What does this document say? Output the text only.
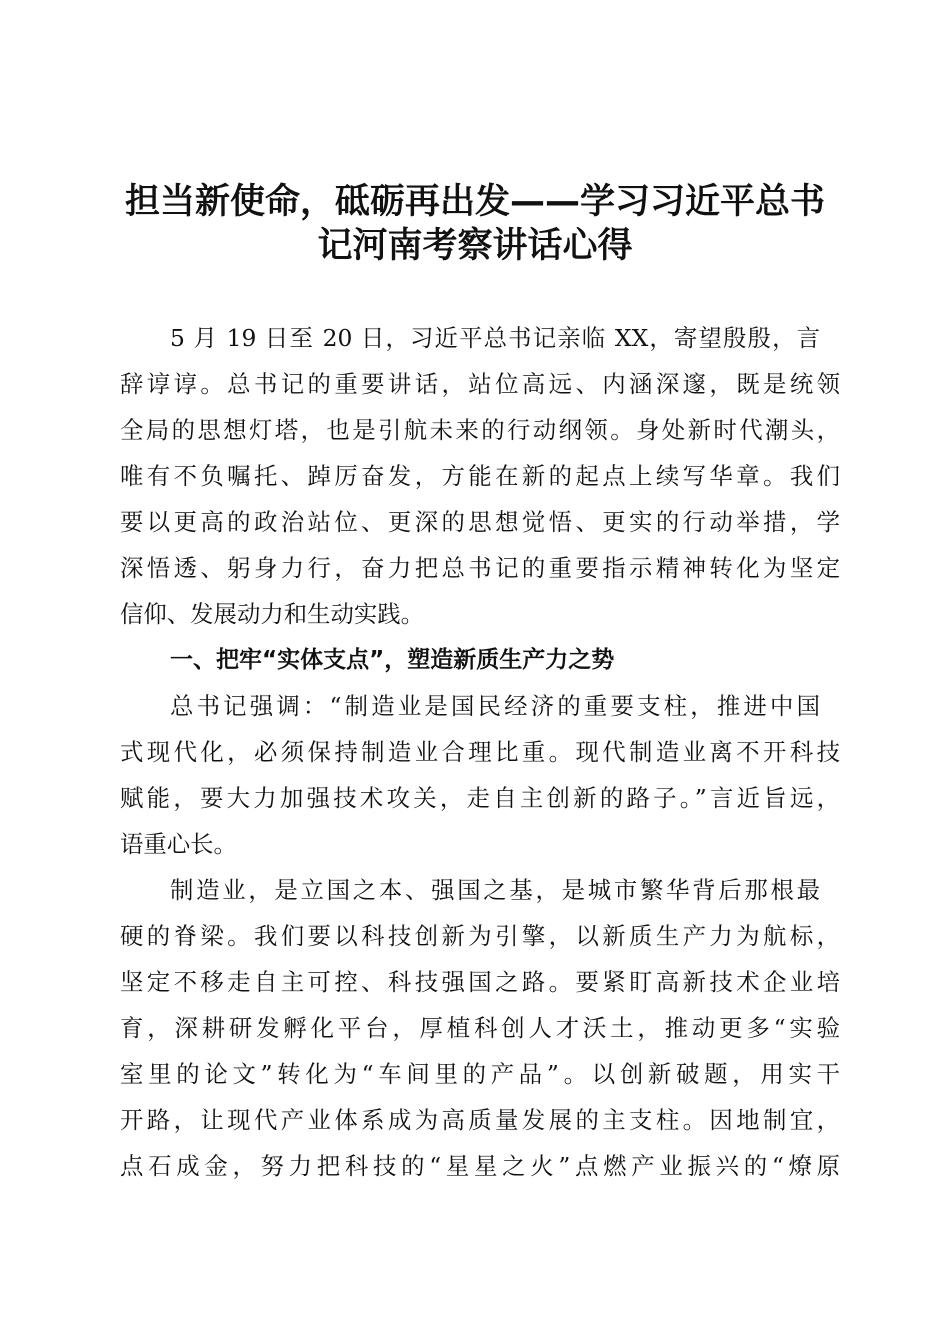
担当新使命，砥砺再出发——学习习近平总书
记河南考察讲话心得
5 月 19 日至 20 日，习近平总书记亲临 XX，寄望殷殷，言
辞谆谆。总书记的重要讲话，站位高远、内涵深邃，既是统领
全局的思想灯塔，也是引航未来的行动纲领。身处新时代潮头，
唯有不负嘱托、踔厉奋发，方能在新的起点上续写华章。我们
要以更高的政治站位、更深的思想觉悟、更实的行动举措，学
深悟透、躬身力行，奋力把总书记的重要指示精神转化为坚定
信仰、发展动力和生动实践。
一、把牢“实体支点”，塑造新质生产力之势
总书记强调：“制造业是国民经济的重要支柱，推进中国
式现代化，必须保持制造业合理比重。现代制造业离不开科技
赋能，要大力加强技术攻关，走自主创新的路子。”言近旨远，
语重心长。
制造业，是立国之本、强国之基，是城市繁华背后那根最
硬的脊梁。我们要以科技创新为引擎，以新质生产力为航标，
坚定不移走自主可控、科技强国之路。要紧盯高新技术企业培
育，深耕研发孵化平台，厚植科创人才沃土，推动更多“实验
室里的论文”转化为“车间里的产品”。以创新破题，用实干
开路，让现代产业体系成为高质量发展的主支柱。因地制宜，
点石成金，努力把科技的“星星之火”点燃产业振兴的“燎原
